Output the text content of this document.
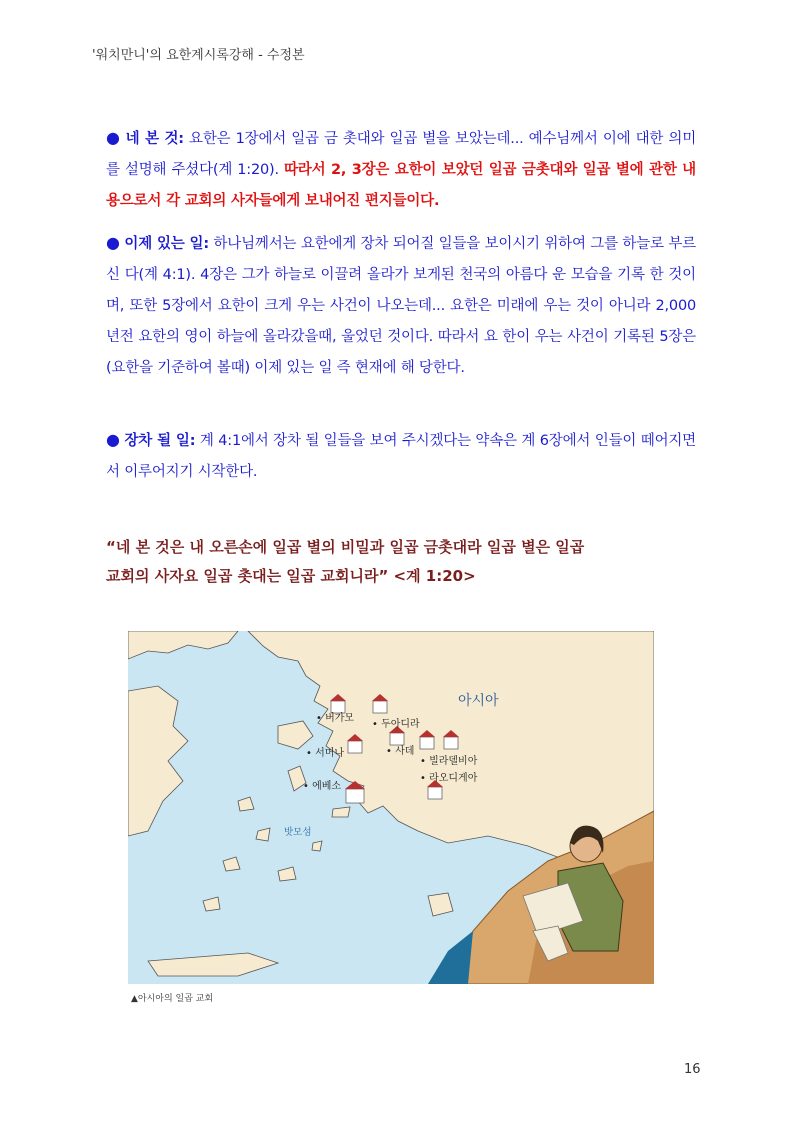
'워치만니'의 요한계시록강해 - 수정본
● 네 본 것: 요한은 1장에서 일곱 금 촛대와 일곱 별을 보았는데... 예수님께서 이에 대한 의미 를 설명해 주셨다(계 1:20). 따라서 2, 3장은 요한이 보았던 일곱 금촛대와 일곱 별에 관한 내용으로서 각 교회의 사자들에게 보내어진 편지들이다.
● 이제 있는 일: 하나님께서는 요한에게 장차 되어질 일들을 보이시기 위하여 그를 하늘로 부르신 다(계 4:1). 4장은 그가 하늘로 이끌려 올라가 보게된 천국의 아름다 운 모습을 기록 한 것이며, 또한 5장에서 요한이 크게 우는 사건이 나오는데... 요한은 미래에 우는 것이 아니라 2,000년전 요한의 영이 하늘에 올라갔을때, 울었던 것이다. 따라서 요 한이 우는 사건이 기록된 5장은 (요한을 기준하여 볼때) 이제 있는 일 즉 현재에 해 당한다.
● 장차 될 일: 계 4:1에서 장차 될 일들을 보여 주시겠다는 약속은 계 6장에서 인들이 떼어지면 서 이루어지기 시작한다.
“네 본 것은 내 오른손에 일곱 별의 비밀과 일곱 금촛대라 일곱 별은 일곱
교회의 사자요 일곱 촛대는 일곱 교회니라” <계 1:20>
• 버가모
• 두아디라
• 서머나	• 사데
• 빌라델비아
• 라오디게아
• 에베소
아시아
밧모섬
▲아시아의 일곱 교회
16
